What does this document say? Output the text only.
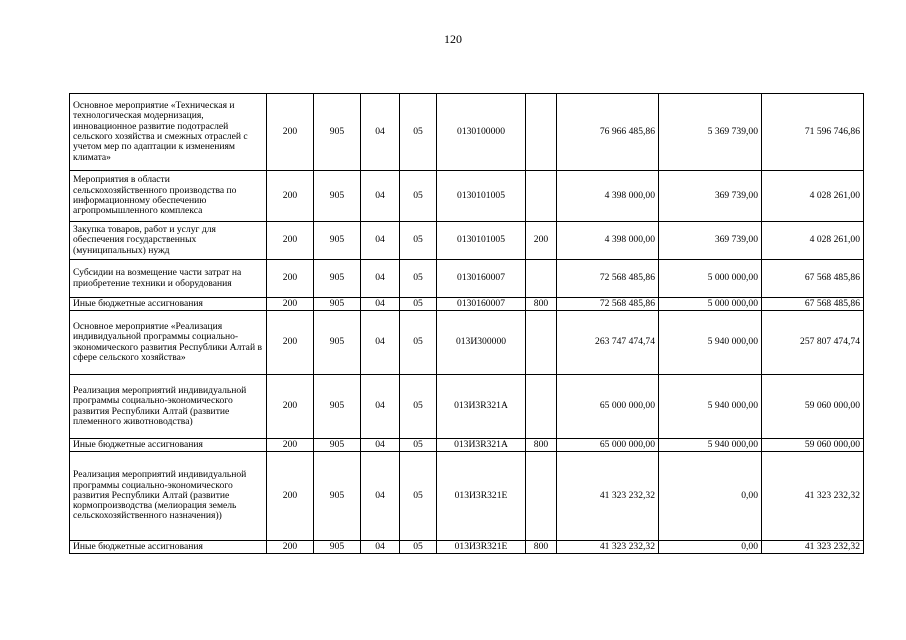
120
Основное мероприятие «Техническая и технологическая модернизация, инновационное развитие подотраслей сельского хозяйства и смежных отраслей с учетом мер по адаптации к изменениям климата»	200	905	04	05	0130100000		76 966 485,86	5 369 739,00	71 596 746,86
Мероприятия в области сельскохозяйственного производства по информационному обеспечению агропромышленного комплекса	200	905	04	05	0130101005		4 398 000,00	369 739,00	4 028 261,00
Закупка товаров, работ и услуг для обеспечения государственных (муниципальных) нужд	200	905	04	05	0130101005	200	4 398 000,00	369 739,00	4 028 261,00
Субсидии на возмещение части затрат на приобретение техники и оборудования	200	905	04	05	0130160007		72 568 485,86	5 000 000,00	67 568 485,86
Иные бюджетные ассигнования	200	905	04	05	0130160007	800	72 568 485,86	5 000 000,00	67 568 485,86
Основное мероприятие «Реализация индивидуальной программы социально-экономического развития Республики Алтай в сфере сельского хозяйства»	200	905	04	05	013И300000		263 747 474,74	5 940 000,00	257 807 474,74
Реализация мероприятий индивидуальной программы социально-экономического развития Республики Алтай (развитие племенного животноводства)	200	905	04	05	013И3R321А		65 000 000,00	5 940 000,00	59 060 000,00
Иные бюджетные ассигнования	200	905	04	05	013И3R321А	800	65 000 000,00	5 940 000,00	59 060 000,00
Реализация мероприятий индивидуальной программы социально-экономического развития Республики Алтай (развитие кормопроизводства (мелиорация земель сельскохозяйственного назначения))	200	905	04	05	013И3R321Е		41 323 232,32	0,00	41 323 232,32
Иные бюджетные ассигнования	200	905	04	05	013И3R321Е	800	41 323 232,32	0,00	41 323 232,32
